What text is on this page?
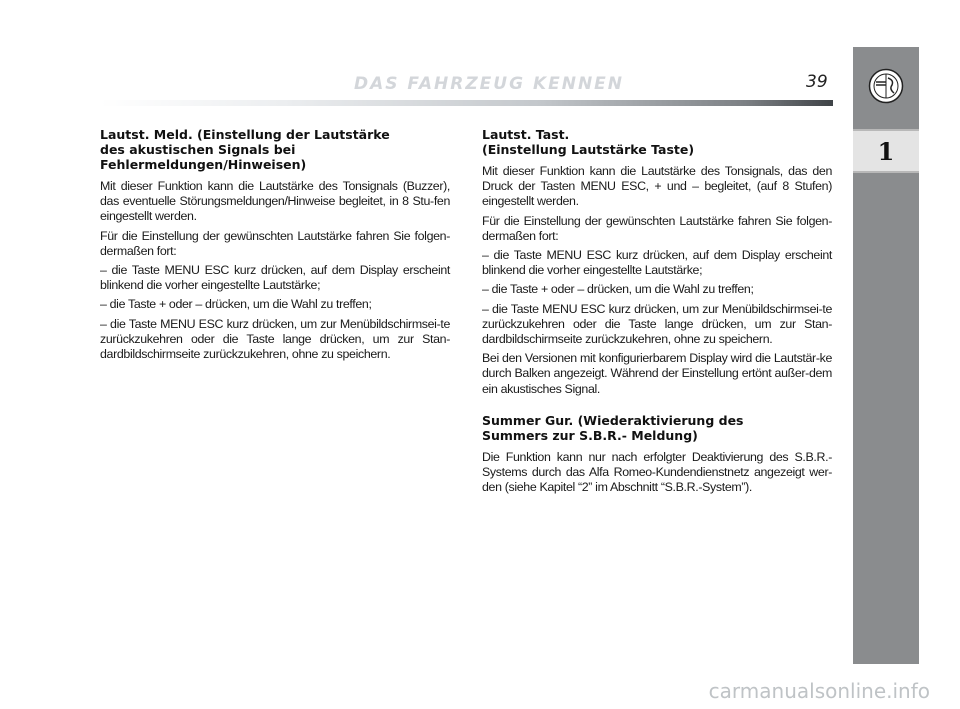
DAS FAHRZEUG KENNEN	39
1
Lautst. Meld. (Einstellung der Lautstärke
des akustischen Signals bei
Fehlermeldungen/Hinweisen)

Mit dieser Funktion kann die Lautstärke des Tonsignals (Buzzer), das eventuelle Störungsmeldungen/Hinweise begleitet, in 8 Stu-fen eingestellt werden.

Für die Einstellung der gewünschten Lautstärke fahren Sie folgen-dermaßen fort:

– die Taste MENU ESC kurz drücken, auf dem Display erscheint blinkend die vorher eingestellte Lautstärke;

– die Taste + oder – drücken, um die Wahl zu treffen;

– die Taste MENU ESC kurz drücken, um zur Menübildschirmsei-te zurückzukehren oder die Taste lange drücken, um zur Stan-dardbildschirmseite zurückzukehren, ohne zu speichern.

Lautst. Tast.
(Einstellung Lautstärke Taste)

Mit dieser Funktion kann die Lautstärke des Tonsignals, das den Druck der Tasten MENU ESC, + und – begleitet, (auf 8 Stufen) eingestellt werden.

Für die Einstellung der gewünschten Lautstärke fahren Sie folgen-dermaßen fort:

– die Taste MENU ESC kurz drücken, auf dem Display erscheint blinkend die vorher eingestellte Lautstärke;

– die Taste + oder – drücken, um die Wahl zu treffen;

– die Taste MENU ESC kurz drücken, um zur Menübildschirmsei-te zurückzukehren oder die Taste lange drücken, um zur Stan-dardbildschirmseite zurückzukehren, ohne zu speichern.

Bei den Versionen mit konfigurierbarem Display wird die Lautstär-ke durch Balken angezeigt. Während der Einstellung ertönt außer-dem ein akustisches Signal.

Summer Gur. (Wiederaktivierung des
Summers zur S.B.R.- Meldung)

Die Funktion kann nur nach erfolgter Deaktivierung des S.B.R.-Systems durch das Alfa Romeo-Kundendienstnetz angezeigt wer-den (siehe Kapitel “2” im Abschnitt “S.B.R.-System”).

carmanualsonline.info
